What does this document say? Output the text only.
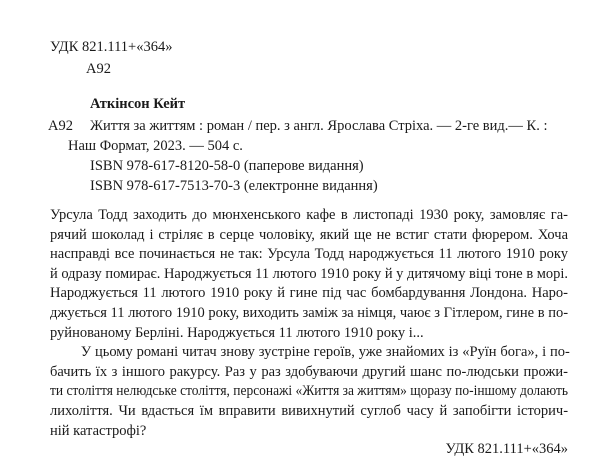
УДК 821.111+«364»
А92
Аткінсон Кейт
А92 Життя за життям : роман / пер. з англ. Ярослава Стріха. — 2-ге вид.— К. :
Наш Формат, 2023. — 504 с.
ISBN 978-617-8120-58-0 (паперове видання)
ISBN 978-617-7513-70-3 (електронне видання)
Урсула Тодд заходить до мюнхенського кафе в листопаді 1930 року, замовляє га-
рячий шоколад і стріляє в серце чоловіку, який ще не встиг стати фюрером. Хоча
насправді все починається не так: Урсула Тодд народжується 11 лютого 1910 року
й одразу помирає. Народжується 11 лютого 1910 року й у дитячому віці тоне в морі.
Народжується 11 лютого 1910 року й гине під час бомбардування Лондона. Наро-
джується 11 лютого 1910 року, виходить заміж за німця, чаює з Гітлером, гине в по-
руйнованому Берліні. Народжується 11 лютого 1910 року і...
У цьому романі читач знову зустріне героїв, уже знайомих із «Руїн бога», і по-
бачить їх з іншого ракурсу. Раз у раз здобуваючи другий шанс по-людськи прожи-
ти століття нелюдське століття, персонажі «Життя за життям» щоразу по-іншому долають
лихоліття. Чи вдасться їм вправити вивихнутий суглоб часу й запобігти історич-
ній катастрофі?
УДК 821.111+«364»
